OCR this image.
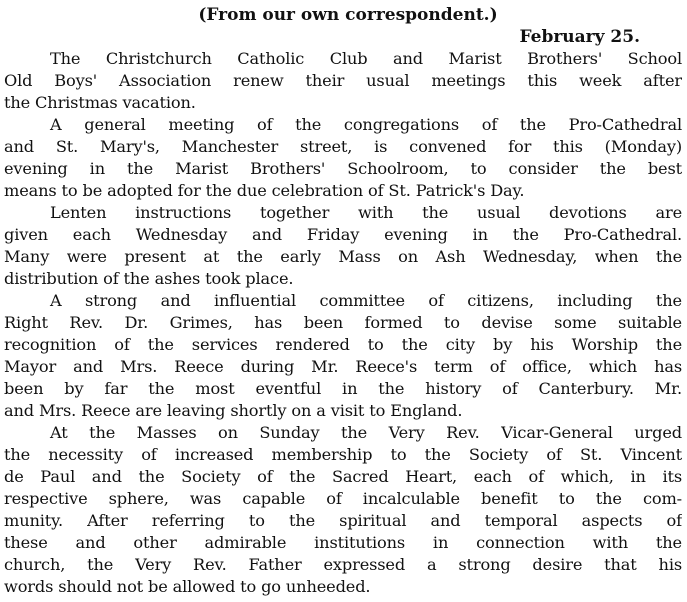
(From our own correspondent.)
February 25.
The Christchurch Catholic Club and Marist Brothers' School
Old Boys' Association renew their usual meetings this week after
the Christmas vacation.
A general meeting of the congregations of the Pro-Cathedral
and St. Mary's, Manchester street, is convened for this (Monday)
evening in the Marist Brothers' Schoolroom, to consider the best
means to be adopted for the due celebration of St. Patrick's Day.
Lenten instructions together with the usual devotions are
given each Wednesday and Friday evening in the Pro-Cathedral.
Many were present at the early Mass on Ash Wednesday, when the
distribution of the ashes took place.
A strong and influential committee of citizens, including the
Right Rev. Dr. Grimes, has been formed to devise some suitable
recognition of the services rendered to the city by his Worship the
Mayor and Mrs. Reece during Mr. Reece's term of office, which has
been by far the most eventful in the history of Canterbury. Mr.
and Mrs. Reece are leaving shortly on a visit to England.
At the Masses on Sunday the Very Rev. Vicar-General urged
the necessity of increased membership to the Society of St. Vincent
de Paul and the Society of the Sacred Heart, each of which, in its
respective sphere, was capable of incalculable benefit to the com-
munity. After referring to the spiritual and temporal aspects of
these and other admirable institutions in connection with the
church, the Very Rev. Father expressed a strong desire that his
words should not be allowed to go unheeded.
